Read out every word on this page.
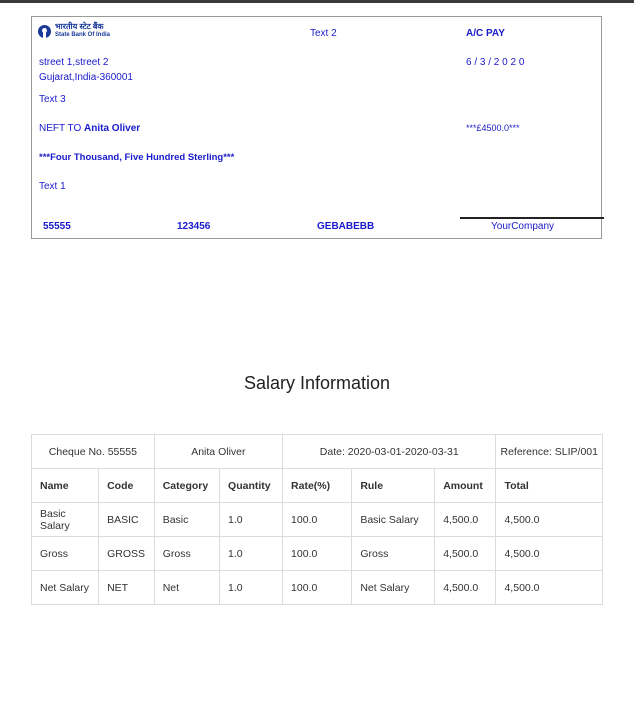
भारतीय स्टेट बैंक
State Bank Of India	Text 2	A/C PAY
street 1,street 2
Gujarat,India-360001
6 / 3 / 2 0 2 0
Text 3
NEFT TO Anita Oliver	***£4500.0***
***Four Thousand, Five Hundred Sterling***
Text 1
55555	123456	GEBABEBB	YourCompany
Salary Information
Cheque No. 55555		Anita Oliver		Date: 2020-03-01-2020-03-31			Reference: SLIP/001
Name	Code	Category	Quantity	Rate(%)	Rule	Amount	Total
Basic Salary	BASIC	Basic	1.0	100.0	Basic Salary	4,500.0	4,500.0
Gross	GROSS	Gross	1.0	100.0	Gross	4,500.0	4,500.0
Net Salary	NET	Net	1.0	100.0	Net Salary	4,500.0	4,500.0
